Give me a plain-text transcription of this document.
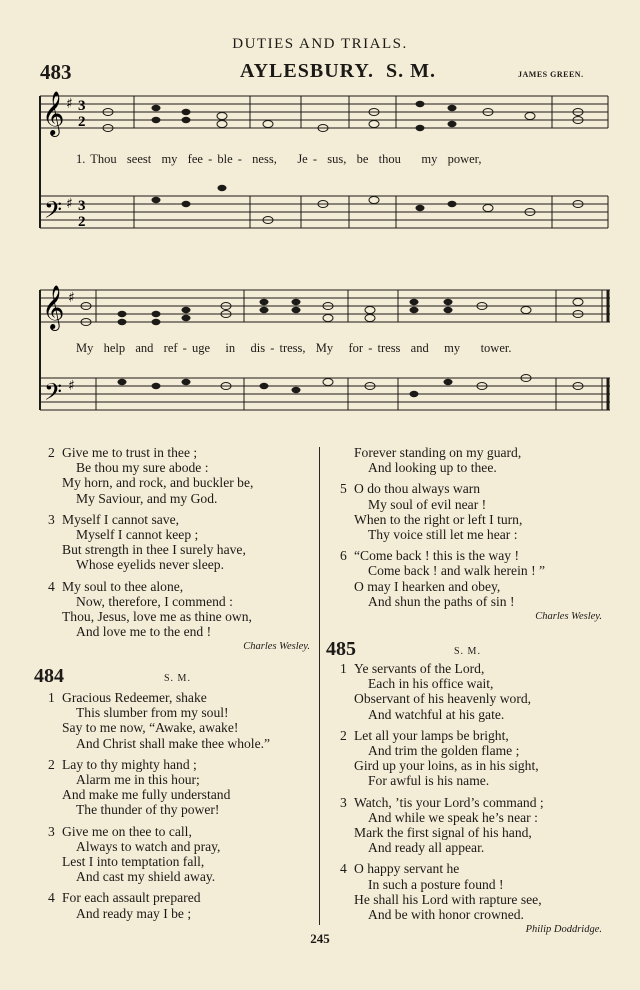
DUTIES AND TRIALS.
483	AYLESBURY. S. M.	JAMES GREEN.
𝄞
𝄢
♯
♯
3
2
3
2
1. Thou  seest  my  fee - ble -  ness,    Je -  sus,  be  thou    my  power,
𝄞
𝄢
♯
♯
My  help  and  ref - uge   in   dis - tress,  My   for - tress  and   my    tower.
2 Give me to trust in thee ;
Be thou my sure abode :
My horn, and rock, and buckler be,
My Saviour, and my God.
3 Myself I cannot save,
Myself I cannot keep ;
But strength in thee I surely have,
Whose eyelids never sleep.
4 My soul to thee alone,
Now, therefore, I commend :
Thou, Jesus, love me as thine own,
And love me to the end !
Charles Wesley.
484	S. M.
1 Gracious Redeemer, shake
This slumber from my soul!
Say to me now, “Awake, awake!
And Christ shall make thee whole.”
2 Lay to thy mighty hand ;
Alarm me in this hour;
And make me fully understand
The thunder of thy power!
3 Give me on thee to call,
Always to watch and pray,
Lest I into temptation fall,
And cast my shield away.
4 For each assault prepared
And ready may I be ;
Forever standing on my guard,
And looking up to thee.
5 O do thou always warn
My soul of evil near !
When to the right or left I turn,
Thy voice still let me hear :
6 “Come back ! this is the way !
Come back ! and walk herein ! ”
O may I hearken and obey,
And shun the paths of sin !
Charles Wesley.
485	S. M.
1 Ye servants of the Lord,
Each in his office wait,
Observant of his heavenly word,
And watchful at his gate.
2 Let all your lamps be bright,
And trim the golden flame ;
Gird up your loins, as in his sight,
For awful is his name.
3 Watch, ’tis your Lord’s command ;
And while we speak he’s near :
Mark the first signal of his hand,
And ready all appear.
4 O happy servant he
In such a posture found !
He shall his Lord with rapture see,
And be with honor crowned.
Philip Doddridge.
245
